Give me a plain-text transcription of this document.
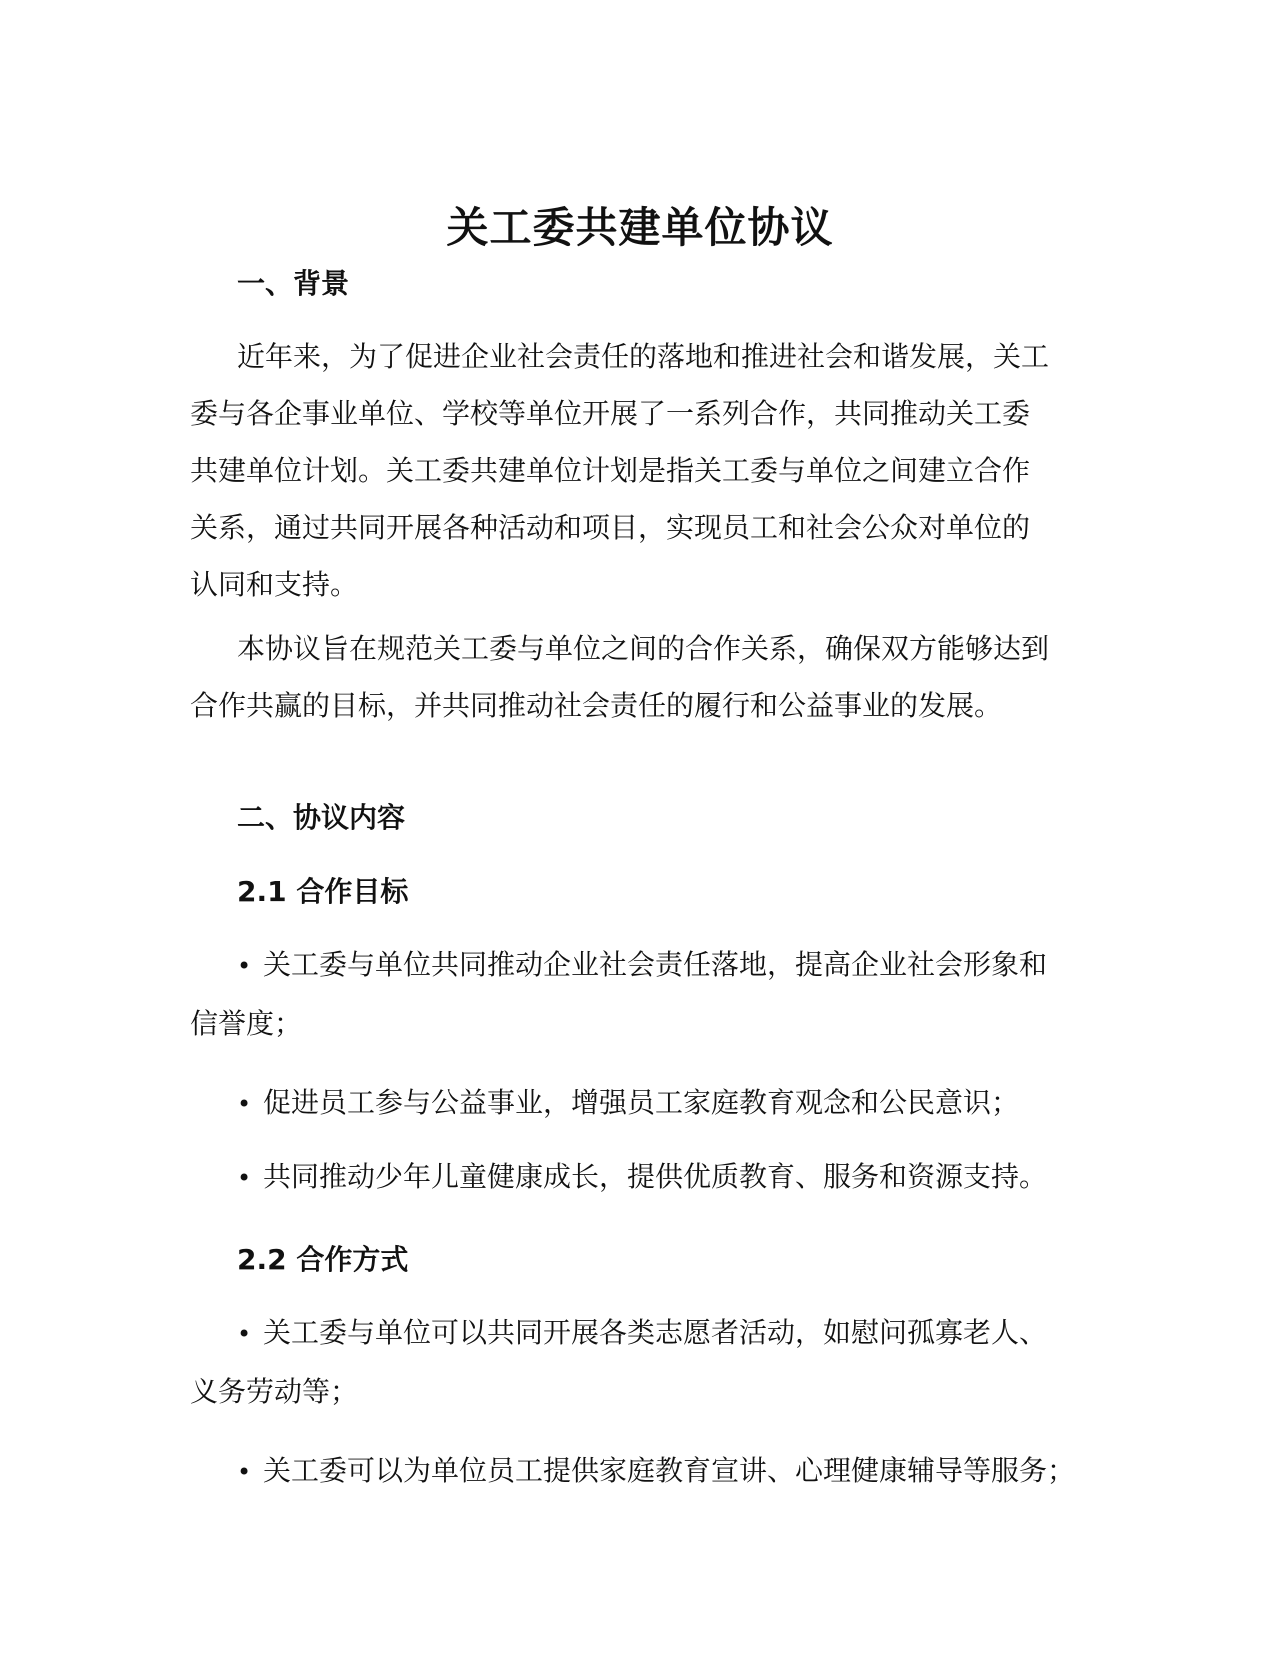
关工委共建单位协议
一、背景

近年来，为了促进企业社会责任的落地和推进社会和谐发展，关工
委与各企事业单位、学校等单位开展了一系列合作，共同推动关工委
共建单位计划。关工委共建单位计划是指关工委与单位之间建立合作
关系，通过共同开展各种活动和项目，实现员工和社会公众对单位的
认同和支持。

本协议旨在规范关工委与单位之间的合作关系，确保双方能够达到
合作共赢的目标，并共同推动社会责任的履行和公益事业的发展。

二、协议内容
2.1 合作目标
• 关工委与单位共同推动企业社会责任落地，提高企业社会形象和
信誉度；
• 促进员工参与公益事业，增强员工家庭教育观念和公民意识；
• 共同推动少年儿童健康成长，提供优质教育、服务和资源支持。
2.2 合作方式
• 关工委与单位可以共同开展各类志愿者活动，如慰问孤寡老人、
义务劳动等；
• 关工委可以为单位员工提供家庭教育宣讲、心理健康辅导等服务；
